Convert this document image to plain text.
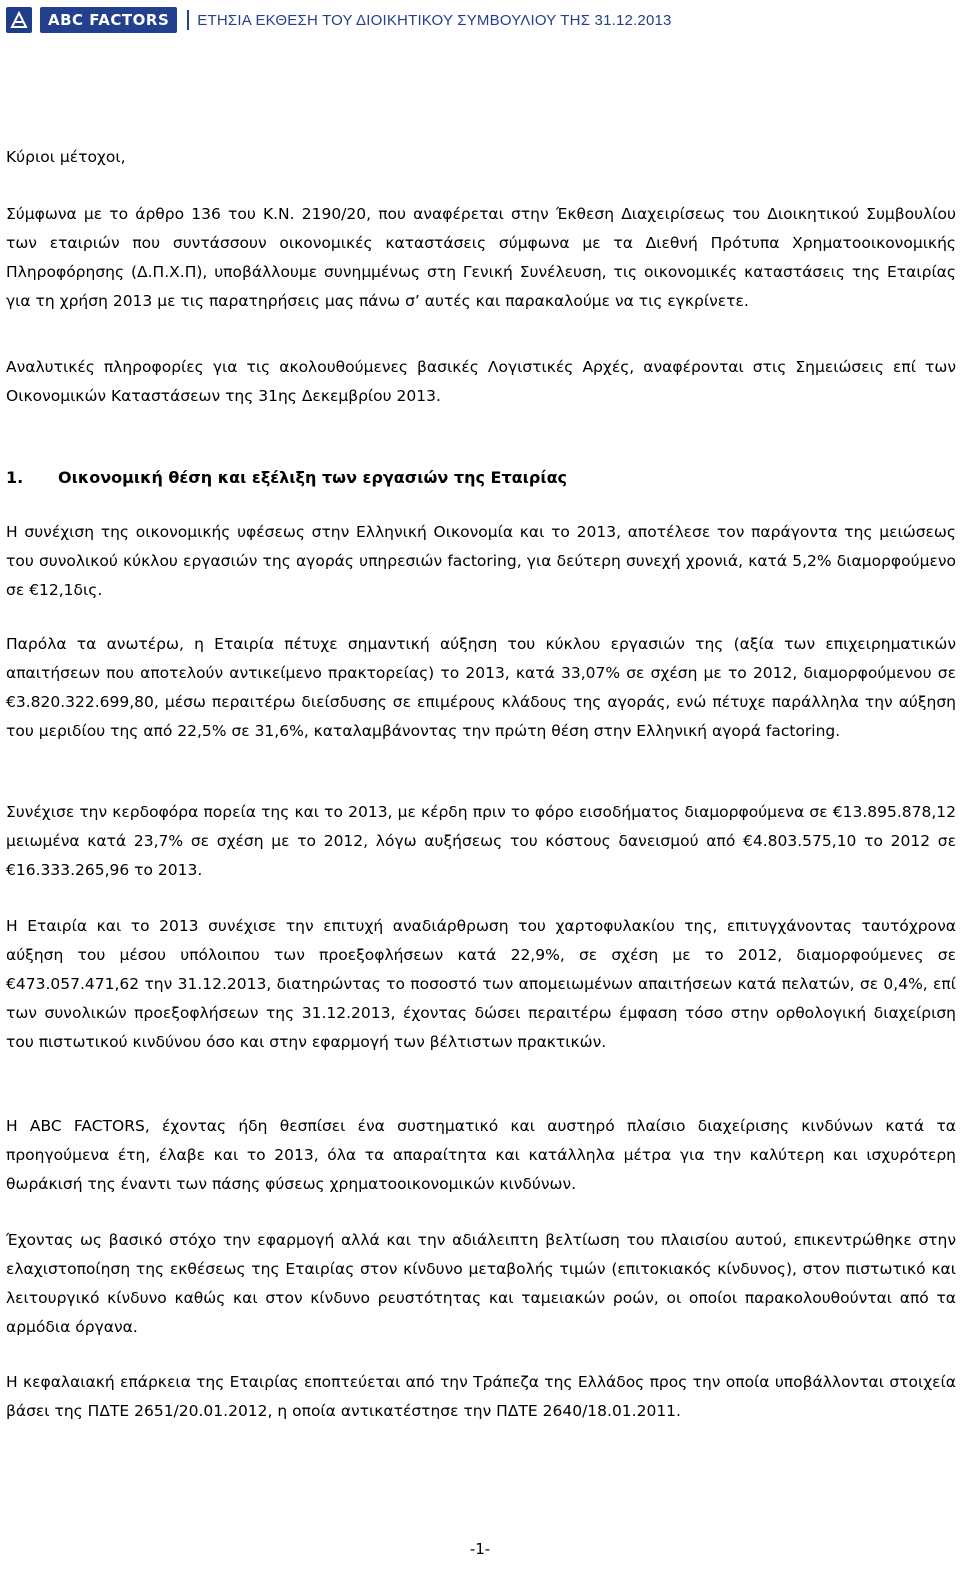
ABC FACTORS	ΕΤΗΣΙΑ ΕΚΘΕΣΗ ΤΟΥ ΔΙΟΙΚΗΤΙΚΟΥ ΣΥΜΒΟΥΛΙΟΥ ΤΗΣ 31.12.2013

Κύριοι μέτοχοι,

Σύμφωνα με το άρθρο 136 του Κ.Ν. 2190/20, που αναφέρεται στην Έκθεση Διαχειρίσεως του Διοικητικού Συμβουλίου των εταιριών που συντάσσουν οικονομικές καταστάσεις σύμφωνα με τα Διεθνή Πρότυπα Χρηματοοικονομικής Πληροφόρησης (Δ.Π.Χ.Π), υποβάλλουμε συνημμένως στη Γενική Συνέλευση, τις οικονομικές καταστάσεις της Εταιρίας για τη χρήση 2013 με τις παρατηρήσεις μας πάνω σ’ αυτές και παρακαλούμε να τις εγκρίνετε.

Αναλυτικές πληροφορίες για τις ακολουθούμενες βασικές Λογιστικές Αρχές, αναφέρονται στις Σημειώσεις επί των Οικονομικών Καταστάσεων της 31ης Δεκεμβρίου 2013.

1. Οικονομική θέση και εξέλιξη των εργασιών της Εταιρίας

Η συνέχιση της οικονομικής υφέσεως στην Ελληνική Οικονομία και το 2013, αποτέλεσε τον παράγοντα της μειώσεως του συνολικού κύκλου εργασιών της αγοράς υπηρεσιών factoring, για δεύτερη συνεχή χρονιά, κατά 5,2% διαμορφούμενο σε €12,1δις.

Παρόλα τα ανωτέρω, η Εταιρία πέτυχε σημαντική αύξηση του κύκλου εργασιών της (αξία των επιχειρηματικών απαιτήσεων που αποτελούν αντικείμενο πρακτορείας) το 2013, κατά 33,07% σε σχέση με το 2012, διαμορφούμενου σε €3.820.322.699,80, μέσω περαιτέρω διείσδυσης σε επιμέρους κλάδους της αγοράς, ενώ πέτυχε παράλληλα την αύξηση του μεριδίου της από 22,5% σε 31,6%, καταλαμβάνοντας την πρώτη θέση στην Ελληνική αγορά factoring.

Συνέχισε την κερδοφόρα πορεία της και το 2013, με κέρδη πριν το φόρο εισοδήματος διαμορφούμενα σε €13.895.878,12 μειωμένα κατά 23,7% σε σχέση με το 2012, λόγω αυξήσεως του κόστους δανεισμού από €4.803.575,10 το 2012 σε €16.333.265,96 το 2013.

Η Εταιρία και το 2013 συνέχισε την επιτυχή αναδιάρθρωση του χαρτοφυλακίου της, επιτυγχάνοντας ταυτόχρονα αύξηση του μέσου υπόλοιπου των προεξοφλήσεων κατά 22,9%, σε σχέση με το 2012, διαμορφούμενες σε €473.057.471,62 την 31.12.2013, διατηρώντας το ποσοστό των απομειωμένων απαιτήσεων κατά πελατών, σε 0,4%, επί των συνολικών προεξοφλήσεων της 31.12.2013, έχοντας δώσει περαιτέρω έμφαση τόσο στην ορθολογική διαχείριση του πιστωτικού κινδύνου όσο και στην εφαρμογή των βέλτιστων πρακτικών.

Η ABC FACTORS, έχοντας ήδη θεσπίσει ένα συστηματικό και αυστηρό πλαίσιο διαχείρισης κινδύνων κατά τα προηγούμενα έτη, έλαβε και το 2013, όλα τα απαραίτητα και κατάλληλα μέτρα για την καλύτερη και ισχυρότερη θωράκισή της έναντι των πάσης φύσεως χρηματοοικονομικών κινδύνων.

Έχοντας ως βασικό στόχο την εφαρμογή αλλά και την αδιάλειπτη βελτίωση του πλαισίου αυτού, επικεντρώθηκε στην ελαχιστοποίηση της εκθέσεως της Εταιρίας στον κίνδυνο μεταβολής τιμών (επιτοκιακός κίνδυνος), στον πιστωτικό και λειτουργικό κίνδυνο καθώς και στον κίνδυνο ρευστότητας και ταμειακών ροών, οι οποίοι παρακολουθούνται από τα αρμόδια όργανα.

Η κεφαλαιακή επάρκεια της Εταιρίας εποπτεύεται από την Τράπεζα της Ελλάδος προς την οποία υποβάλλονται στοιχεία βάσει της ΠΔΤΕ 2651/20.01.2012, η οποία αντικατέστησε την ΠΔΤΕ 2640/18.01.2011.

-1-
